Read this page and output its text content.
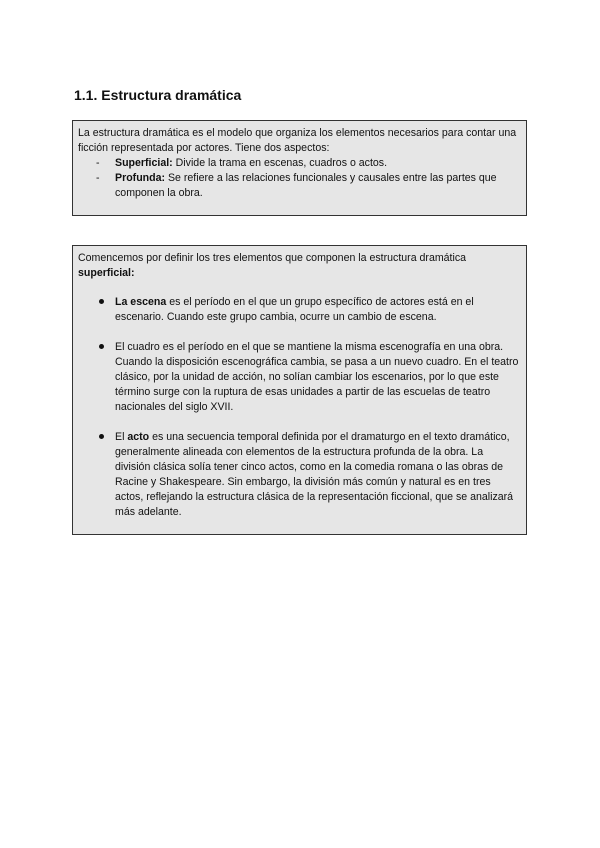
1.1. Estructura dramática

La estructura dramática es el modelo que organiza los elementos necesarios para contar una ficción representada por actores. Tiene dos aspectos:

- Superficial: Divide la trama en escenas, cuadros o actos.
- Profunda: Se refiere a las relaciones funcionales y causales entre las partes que componen la obra.

Comencemos por definir los tres elementos que componen la estructura dramática superficial:

La escena es el período en el que un grupo específico de actores está en el escenario. Cuando este grupo cambia, ocurre un cambio de escena.
El cuadro es el período en el que se mantiene la misma escenografía en una obra. Cuando la disposición escenográfica cambia, se pasa a un nuevo cuadro. En el teatro clásico, por la unidad de acción, no solían cambiar los escenarios, por lo que este término surge con la ruptura de esas unidades a partir de las escuelas de teatro nacionales del siglo XVII.
El acto es una secuencia temporal definida por el dramaturgo en el texto dramático, generalmente alineada con elementos de la estructura profunda de la obra. La división clásica solía tener cinco actos, como en la comedia romana o las obras de Racine y Shakespeare. Sin embargo, la división más común y natural es en tres actos, reflejando la estructura clásica de la representación ficcional, que se analizará más adelante.
